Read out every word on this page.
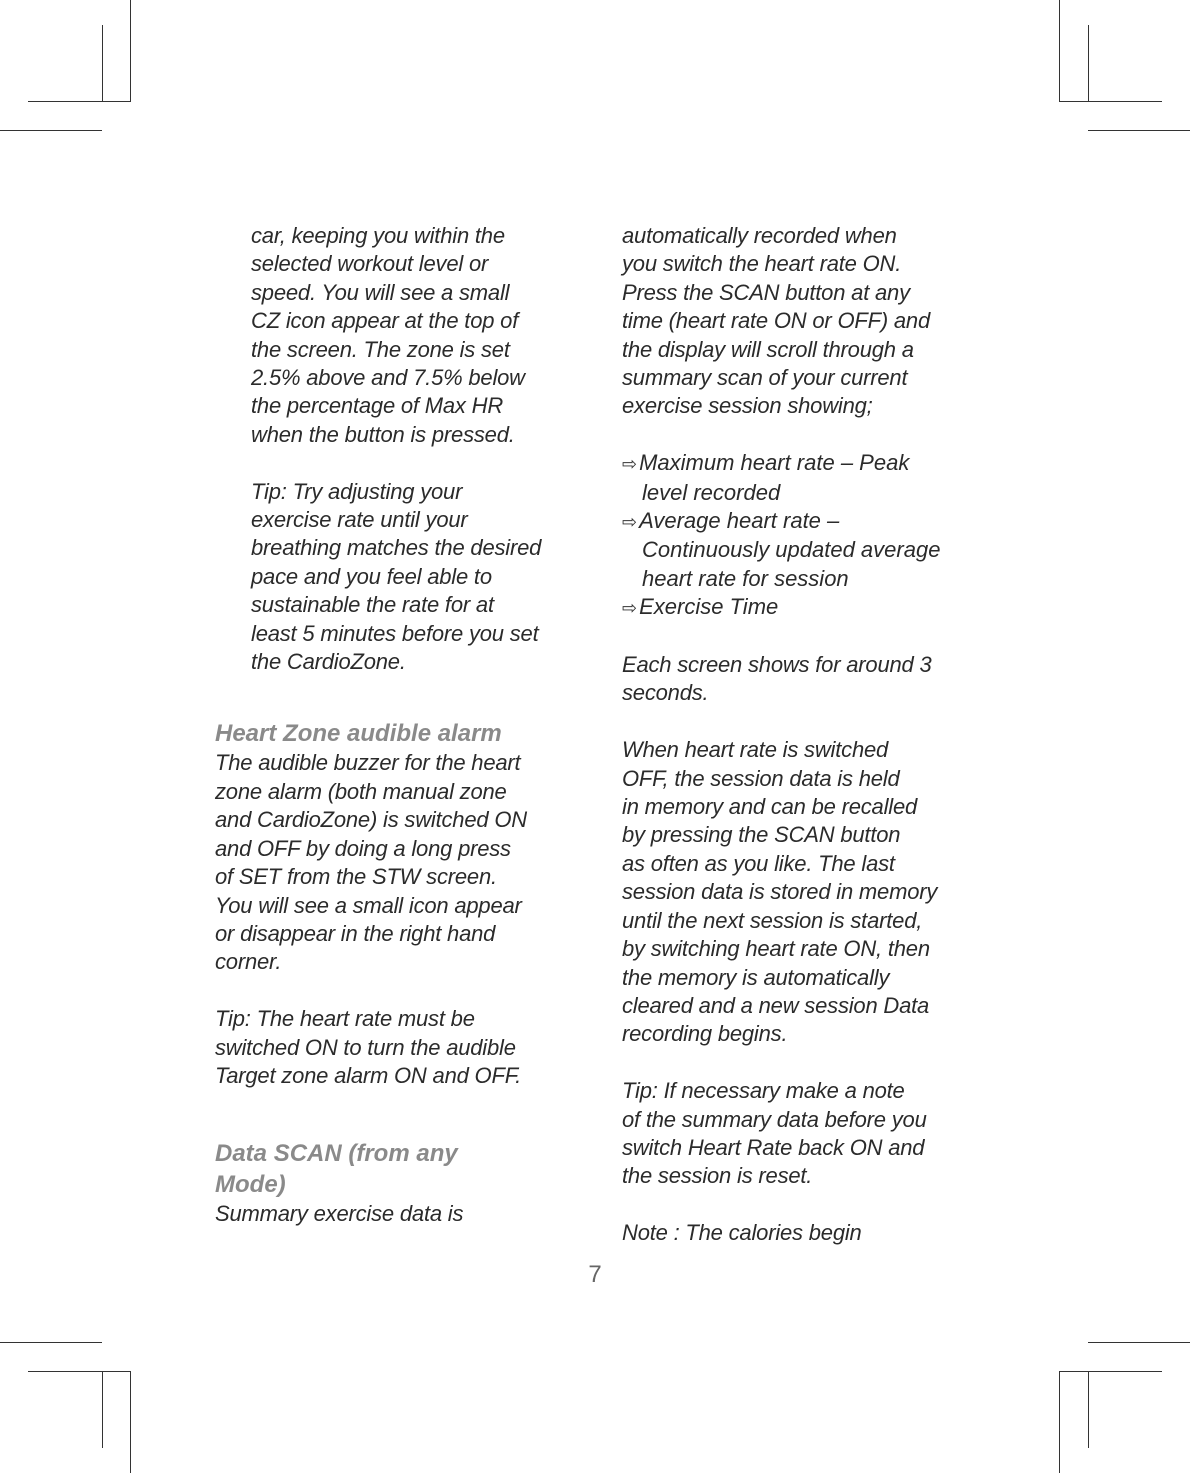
car, keeping you within the
selected workout level or
speed. You will see a small
CZ icon appear at the top of
the screen. The zone is set
2.5% above and 7.5% below
the percentage of Max HR
when the button is pressed.
Tip: Try adjusting your
exercise rate until your
breathing matches the desired
pace and you feel able to
sustainable the rate for at
least 5 minutes before you set
the CardioZone.
Heart Zone audible alarm
The audible buzzer for the heart
zone alarm (both manual zone
and CardioZone) is switched ON
and OFF by doing a long press
of SET from the STW screen.
You will see a small icon appear
or disappear in the right hand
corner.
Tip: The heart rate must be
switched ON to turn the audible
Target zone alarm ON and OFF.
Data SCAN (from any
Mode)
Summary exercise data is
automatically recorded when
you switch the heart rate ON.
Press the SCAN button at any
time (heart rate ON or OFF) and
the display will scroll through a
summary scan of your current
exercise session showing;
⇨Maximum heart rate – Peak
level recorded
⇨Average heart rate –
Continuously updated average
heart rate for session
⇨Exercise Time
Each screen shows for around 3
seconds.
When heart rate is switched
OFF, the session data is held
in memory and can be recalled
by pressing the SCAN button
as often as you like. The last
session data is stored in memory
until the next session is started,
by switching heart rate ON, then
the memory is automatically
cleared and a new session Data
recording begins.
Tip: If necessary make a note
of the summary data before you
switch Heart Rate back ON and
the session is reset.
Note : The calories begin
7
